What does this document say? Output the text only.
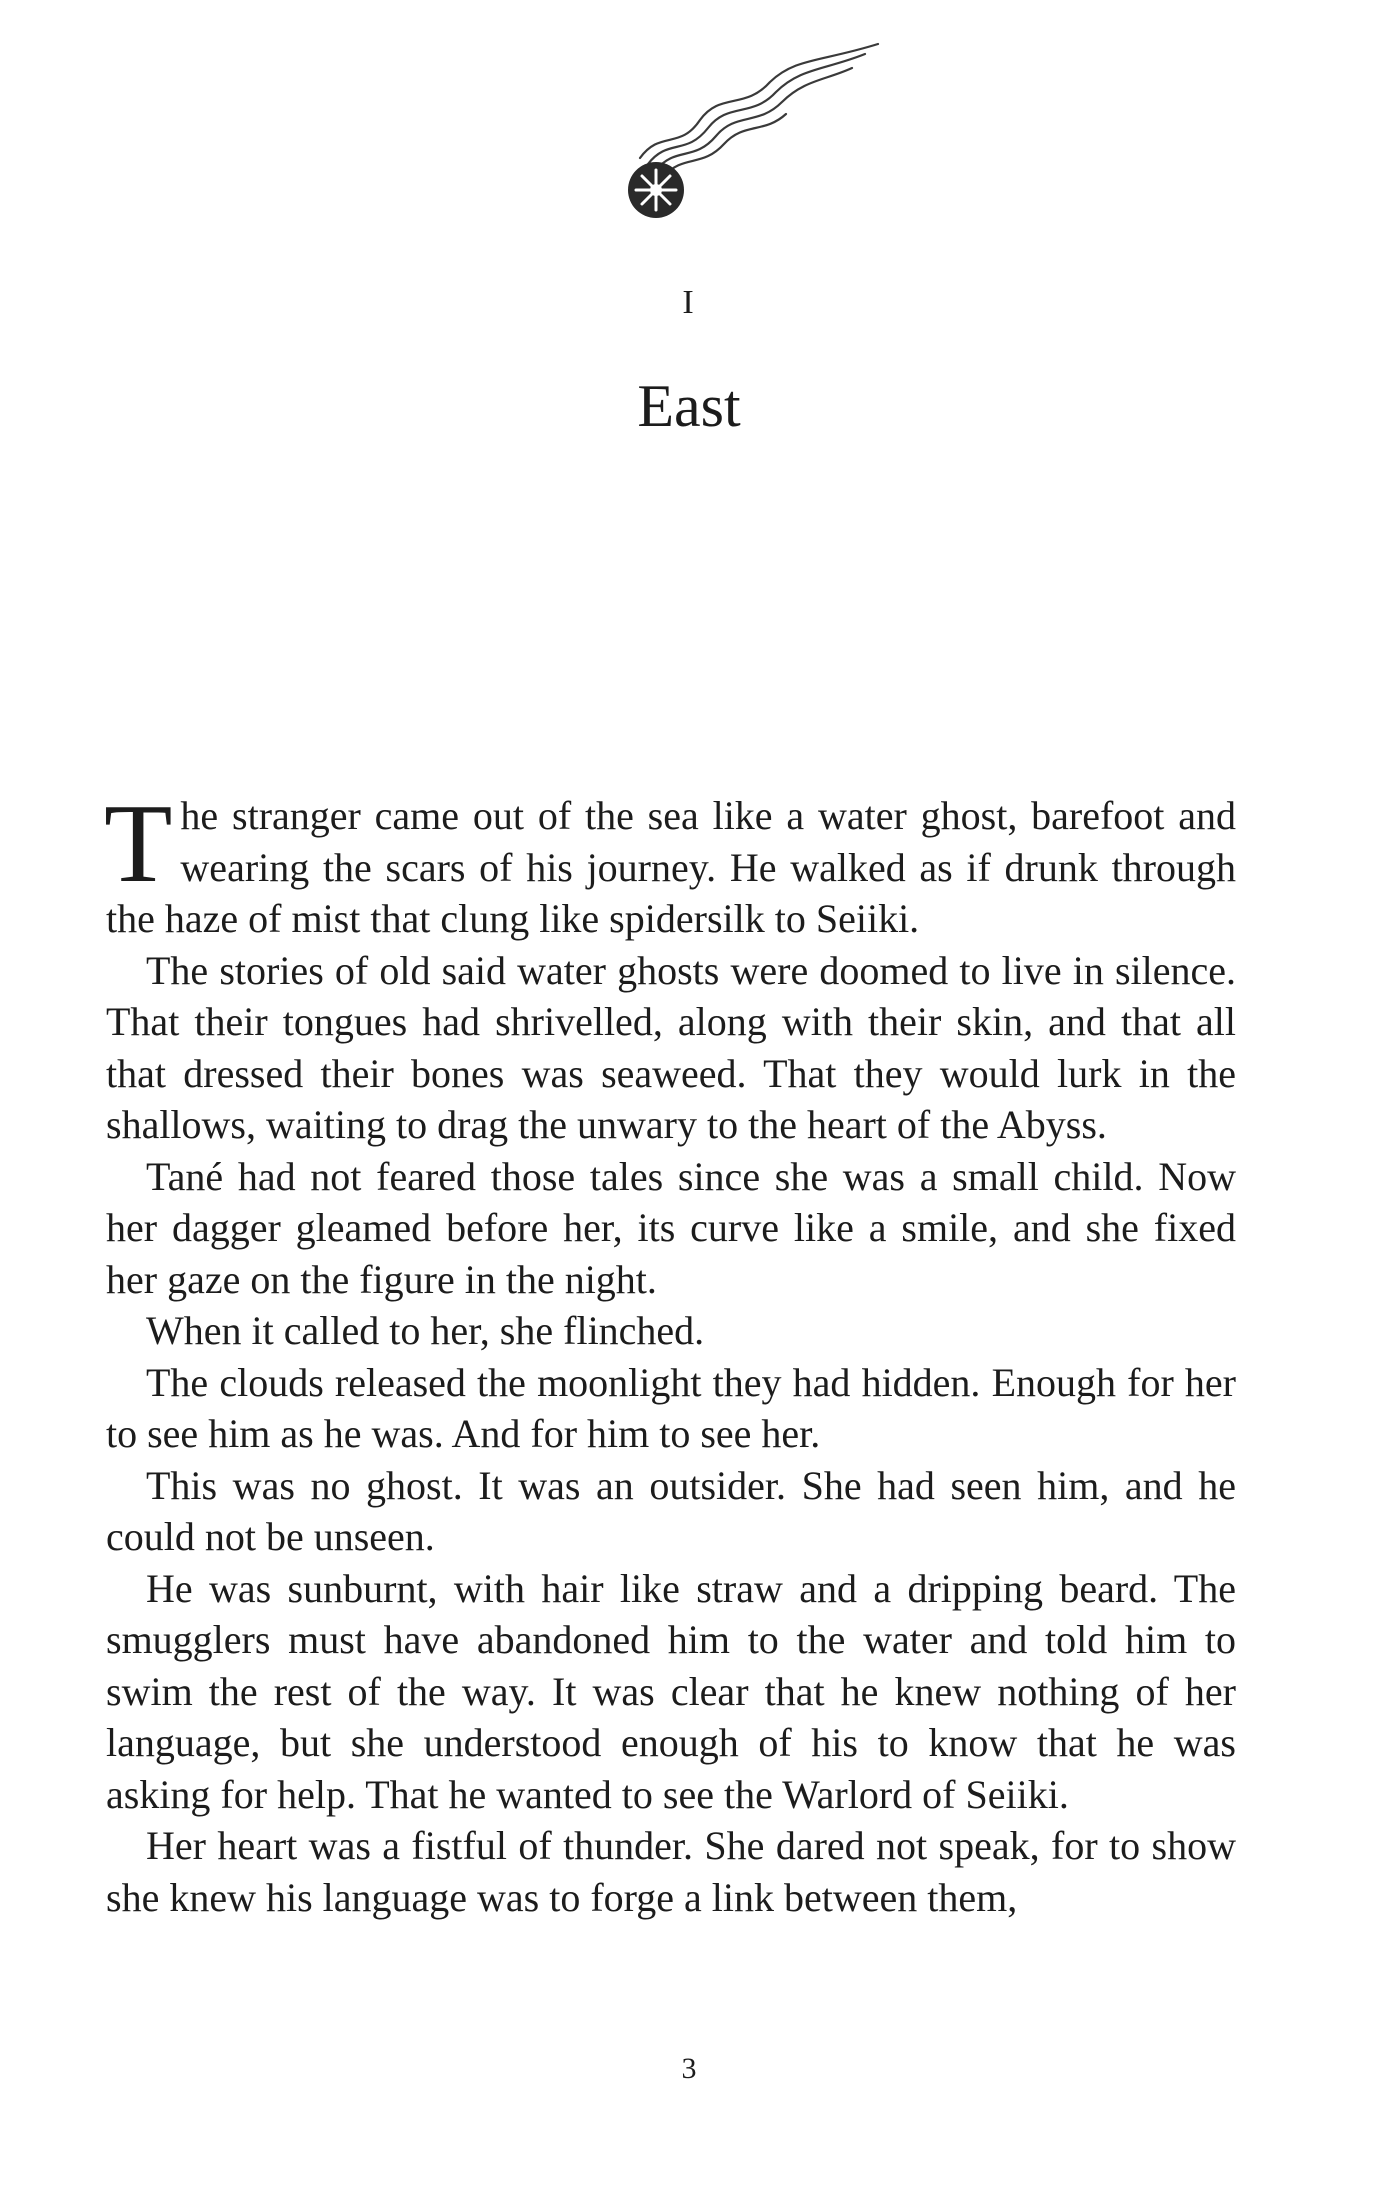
I
East

The stranger came out of the sea like a water ghost, barefoot and wearing the scars of his journey. He walked as if drunk through the haze of mist that clung like spidersilk to Seiiki.

The stories of old said water ghosts were doomed to live in silence. That their tongues had shrivelled, along with their skin, and that all that dressed their bones was seaweed. That they would lurk in the shallows, waiting to drag the unwary to the heart of the Abyss.

Tané had not feared those tales since she was a small child. Now her dagger gleamed before her, its curve like a smile, and she fixed her gaze on the figure in the night.

When it called to her, she flinched.

The clouds released the moonlight they had hidden. Enough for her to see him as he was. And for him to see her.

This was no ghost. It was an outsider. She had seen him, and he could not be unseen.

He was sunburnt, with hair like straw and a dripping beard. The smugglers must have abandoned him to the water and told him to swim the rest of the way. It was clear that he knew nothing of her language, but she understood enough of his to know that he was asking for help. That he wanted to see the Warlord of Seiiki.

Her heart was a fistful of thunder. She dared not speak, for to show she knew his language was to forge a link between them,

3
